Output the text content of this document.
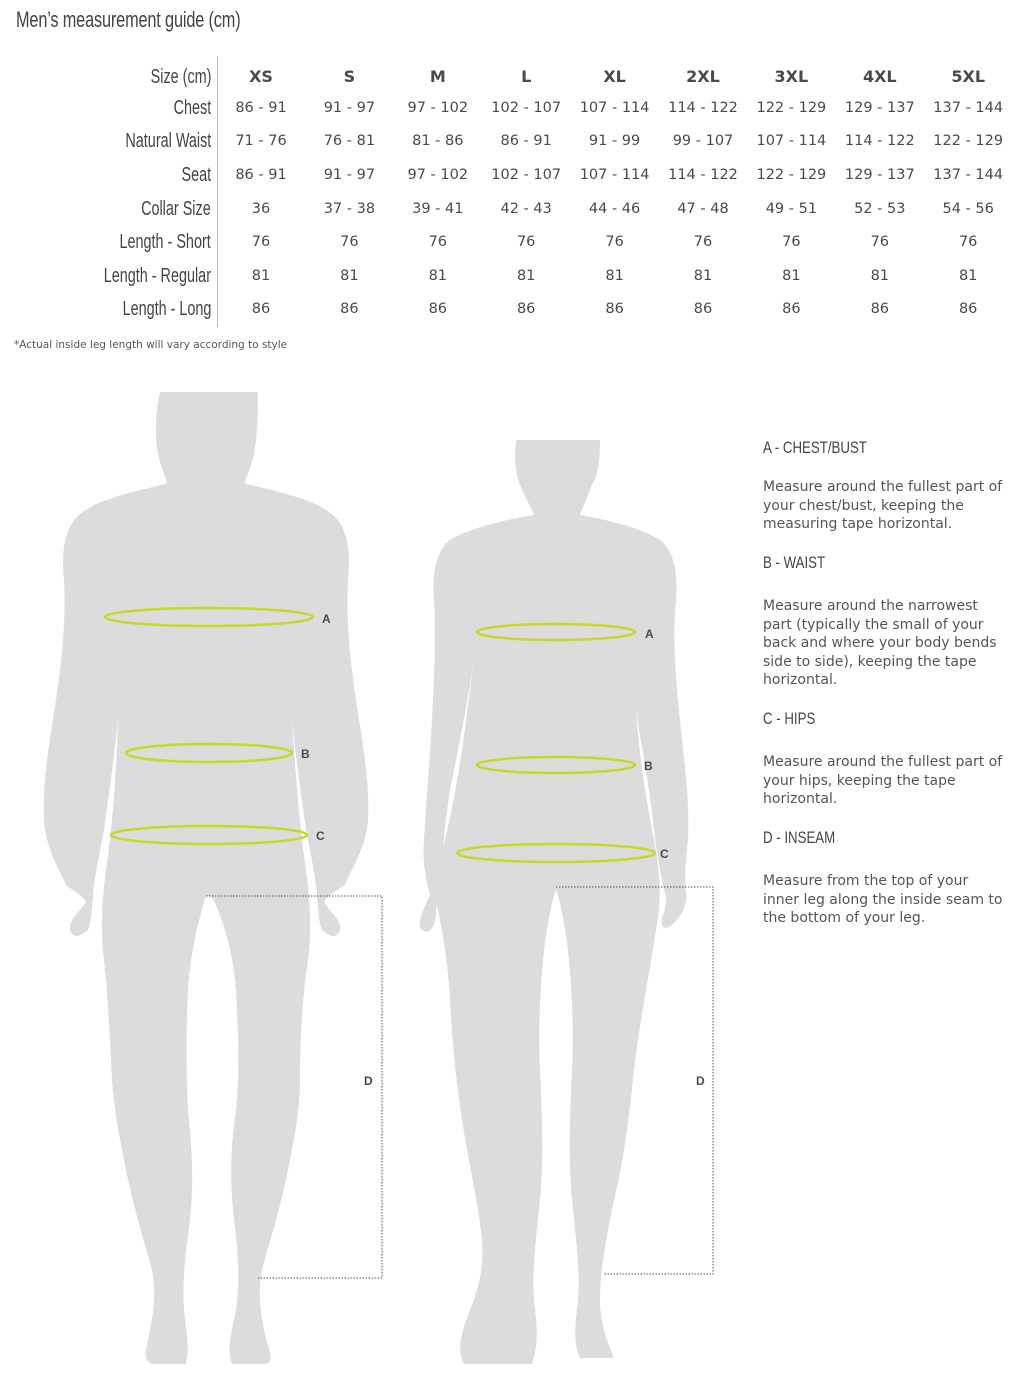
Men’s measurement guide (cm)
Size (cm)	XS	S	M	L	XL	2XL	3XL	4XL	5XL
Chest	86 - 91	91 - 97	97 - 102	102 - 107	107 - 114	114 - 122	122 - 129	129 - 137	137 - 144
Natural Waist	71 - 76	76 - 81	81 - 86	86 - 91	91 - 99	99 - 107	107 - 114	114 - 122	122 - 129
Seat	86 - 91	91 - 97	97 - 102	102 - 107	107 - 114	114 - 122	122 - 129	129 - 137	137 - 144
Collar Size	36	37 - 38	39 - 41	42 - 43	44 - 46	47 - 48	49 - 51	52 - 53	54 - 56
Length - Short	76	76	76	76	76	76	76	76	76
Length - Regular	81	81	81	81	81	81	81	81	81
Length - Long	86	86	86	86	86	86	86	86	86
*Actual inside leg length will vary according to style
A
B
C
D
A
B
C
D
A - CHEST/BUST
Measure around the fullest part of your chest/bust, keeping the measuring tape horizontal.
B - WAIST
Measure around the narrowest part (typically the small of your back and where your body bends side to side), keeping the tape horizontal.
C - HIPS
Measure around the fullest part of your hips, keeping the tape horizontal.
D - INSEAM
Measure from the top of your inner leg along the inside seam to the bottom of your leg.
